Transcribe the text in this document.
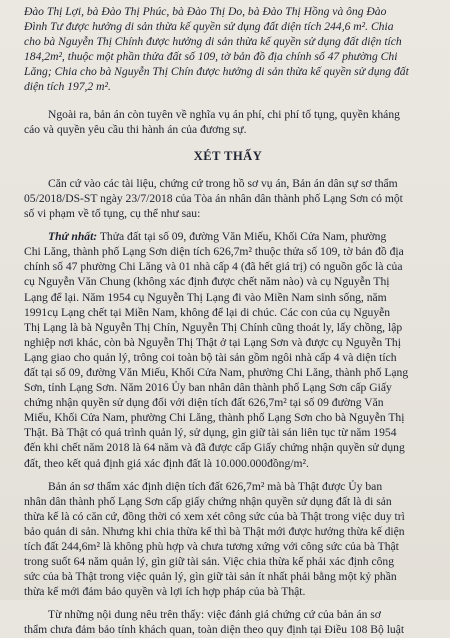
Đào Thị Lợi, bà Đào Thị Phúc, bà Đào Thị Do, bà Đào Thị Hồng và ông Đào
Đình Tư được hưởng di sản thừa kế quyền sử dụng đất diện tích 244,6 m². Chia
cho bà Nguyễn Thị Chính được hưởng di sản thừa kế quyền sử dụng đất diện tích
184,2m², thuộc một phần thửa đất số 109, tờ bản đồ địa chính số 47 phường Chi
Lăng; Chia cho bà Nguyễn Thị Chín được hưởng di sản thừa kế quyền sử dụng đất
diện tích 197,2 m².
Ngoài ra, bản án còn tuyên về nghĩa vụ án phí, chi phí tố tụng, quyền kháng
cáo và quyền yêu cầu thi hành án của đương sự.

XÉT THẤY

Căn cứ vào các tài liệu, chứng cứ trong hồ sơ vụ án, Bản án dân sự sơ thẩm
05/2018/DS-ST ngày 23/7/2018 của Tòa án nhân dân thành phố Lạng Sơn có một
số vi phạm về tố tụng, cụ thể như sau:
Thứ nhất: Thửa đất tại số 09, đường Văn Miếu, Khối Cửa Nam, phường
Chi Lăng, thành phố Lạng Sơn diện tích 626,7m² thuộc thửa số 109, tờ bản đồ địa
chính số 47 phường Chi Lăng và 01 nhà cấp 4 (đã hết giá trị) có nguồn gốc là của
cụ Nguyễn Văn Chung (không xác định được chết năm nào) và cụ Nguyễn Thị
Lạng để lại. Năm 1954 cụ Nguyễn Thị Lạng đi vào Miền Nam sinh sống, năm
1991cụ Lạng chết tại Miền Nam, không để lại di chúc. Các con của cụ Nguyễn
Thị Lạng là bà Nguyễn Thị Chín, Nguyễn Thị Chính cũng thoát ly, lấy chồng, lập
nghiệp nơi khác, còn bà Nguyễn Thị Thật ở tại Lạng Sơn và được cụ Nguyễn Thị
Lạng giao cho quản lý, trông coi toàn bộ tài sản gồm ngôi nhà cấp 4 và diện tích
đất tại số 09, đường Văn Miếu, Khối Cửa Nam, phường Chi Lăng, thành phố Lạng
Sơn, tỉnh Lạng Sơn. Năm 2016 Ủy ban nhân dân thành phố Lạng Sơn cấp Giấy
chứng nhận quyền sử dụng đối với diện tích đất 626,7m² tại số 09 đường Văn
Miếu, Khối Cửa Nam, phường Chi Lăng, thành phố Lạng Sơn cho bà Nguyễn Thị
Thật. Bà Thật có quá trình quản lý, sử dụng, gìn giữ tài sản liên tục từ năm 1954
đến khi chết năm 2018 là 64 năm và đã được cấp Giấy chứng nhận quyền sử dụng
đất, theo kết quả định giá xác định đất là 10.000.000đồng/m².
Bản án sơ thẩm xác định diện tích đất 626,7m² mà bà Thật được Ủy ban
nhân dân thành phố Lạng Sơn cấp giấy chứng nhận quyền sử dụng đất là di sản
thừa kế là có căn cứ, đồng thời có xem xét công sức của bà Thật trong việc duy trì
bảo quản di sản. Nhưng khi chia thừa kế thì bà Thật mới được hưởng thừa kế diện
tích đất 244,6m² là không phù hợp và chưa tương xứng với công sức của bà Thật
trong suốt 64 năm quản lý, gìn giữ tài sản. Việc chia thừa kế phải xác định công
sức của bà Thật trong việc quản lý, gìn giữ tài sản ít nhất phải bằng một kỷ phần
thừa kế mới đảm bảo quyền và lợi ích hợp pháp của bà Thật.
Từ những nội dung nêu trên thấy: việc đánh giá chứng cứ của bản án sơ
thẩm chưa đảm bảo tính khách quan, toàn diện theo quy định tại Điều 108 Bộ luật
